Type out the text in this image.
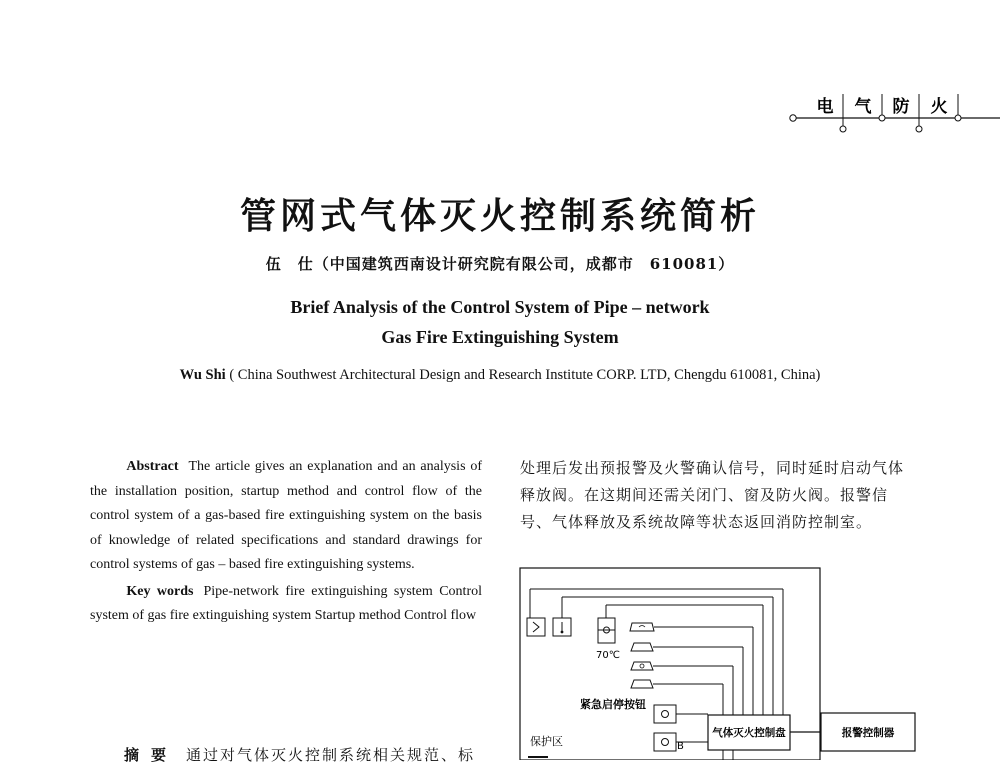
电 气 防 火
管网式气体灭火控制系统简析
伍　仕（中国建筑西南设计研究院有限公司，成都市　610081）
Brief Analysis of the Control System of Pipe – network
Gas Fire Extinguishing System
Wu Shi ( China Southwest Architectural Design and Research Institute CORP. LTD, Chengdu 610081, China)

Abstract The article gives an explanation and an analysis of the installation position, startup method and control flow of the control system of a gas-based fire extinguishing system on the basis of knowledge of related specifications and standard drawings for control systems of gas – based fire extinguishing systems.

Key words Pipe-network fire extinguishing system Control system of gas fire extinguishing system Startup method Control flow

摘要 通过对气体灭火控制系统相关规范、标

处理后发出预报警及火警确认信号，同时延时启动气体释放阀。在这期间还需关闭门、窗及防火阀。报警信号、气体释放及系统故障等状态返回消防控制室。

70℃
紧急启停按钮
B
保护区
气体灭火控制盘	报警控制器
